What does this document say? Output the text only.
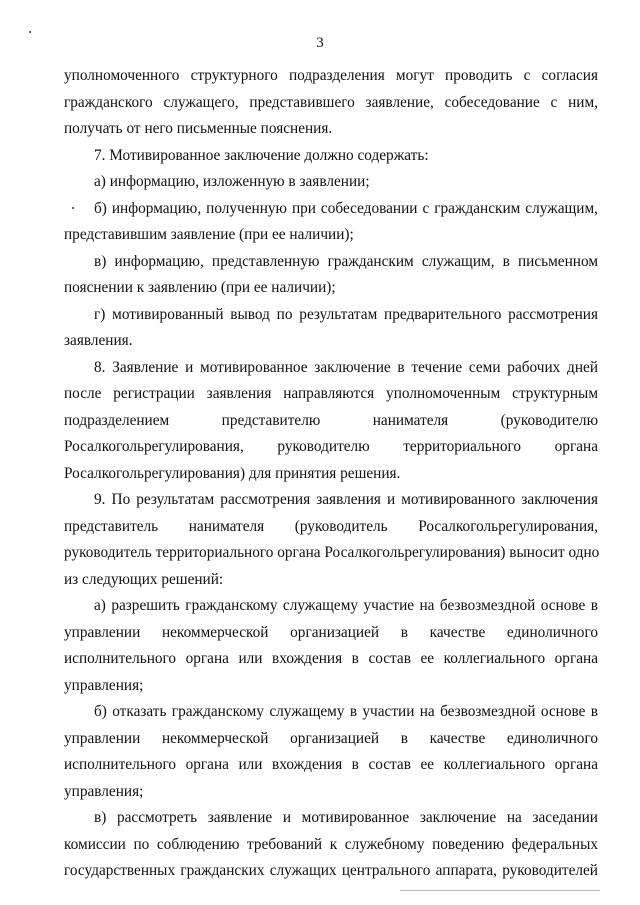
3
уполномоченного структурного подразделения могут проводить с согласия
гражданского служащего, представившего заявление, собеседование с ним,
получать от него письменные пояснения.
7. Мотивированное заключение должно содержать:
а) информацию, изложенную в заявлении;
б) информацию, полученную при собеседовании с гражданским служащим,
представившим заявление (при ее наличии);
в) информацию, представленную гражданским служащим, в письменном
пояснении к заявлению (при ее наличии);
г) мотивированный вывод по результатам предварительного рассмотрения
заявления.
8. Заявление и мотивированное заключение в течение семи рабочих дней
после регистрации заявления направляются уполномоченным структурным
подразделением представителю нанимателя (руководителю
Росалкогольрегулирования, руководителю территориального органа
Росалкогольрегулирования) для принятия решения.
9. По результатам рассмотрения заявления и мотивированного заключения
представитель нанимателя (руководитель Росалкогольрегулирования,
руководитель территориального органа Росалкогольрегулирования) выносит одно
из следующих решений:
а) разрешить гражданскому служащему участие на безвозмездной основе в
управлении некоммерческой организацией в качестве единоличного
исполнительного органа или вхождения в состав ее коллегиального органа
управления;
б) отказать гражданскому служащему в участии на безвозмездной основе в
управлении некоммерческой организацией в качестве единоличного
исполнительного органа или вхождения в состав ее коллегиального органа
управления;
в) рассмотреть заявление и мотивированное заключение на заседании
комиссии по соблюдению требований к служебному поведению федеральных
государственных гражданских служащих центрального аппарата, руководителей
